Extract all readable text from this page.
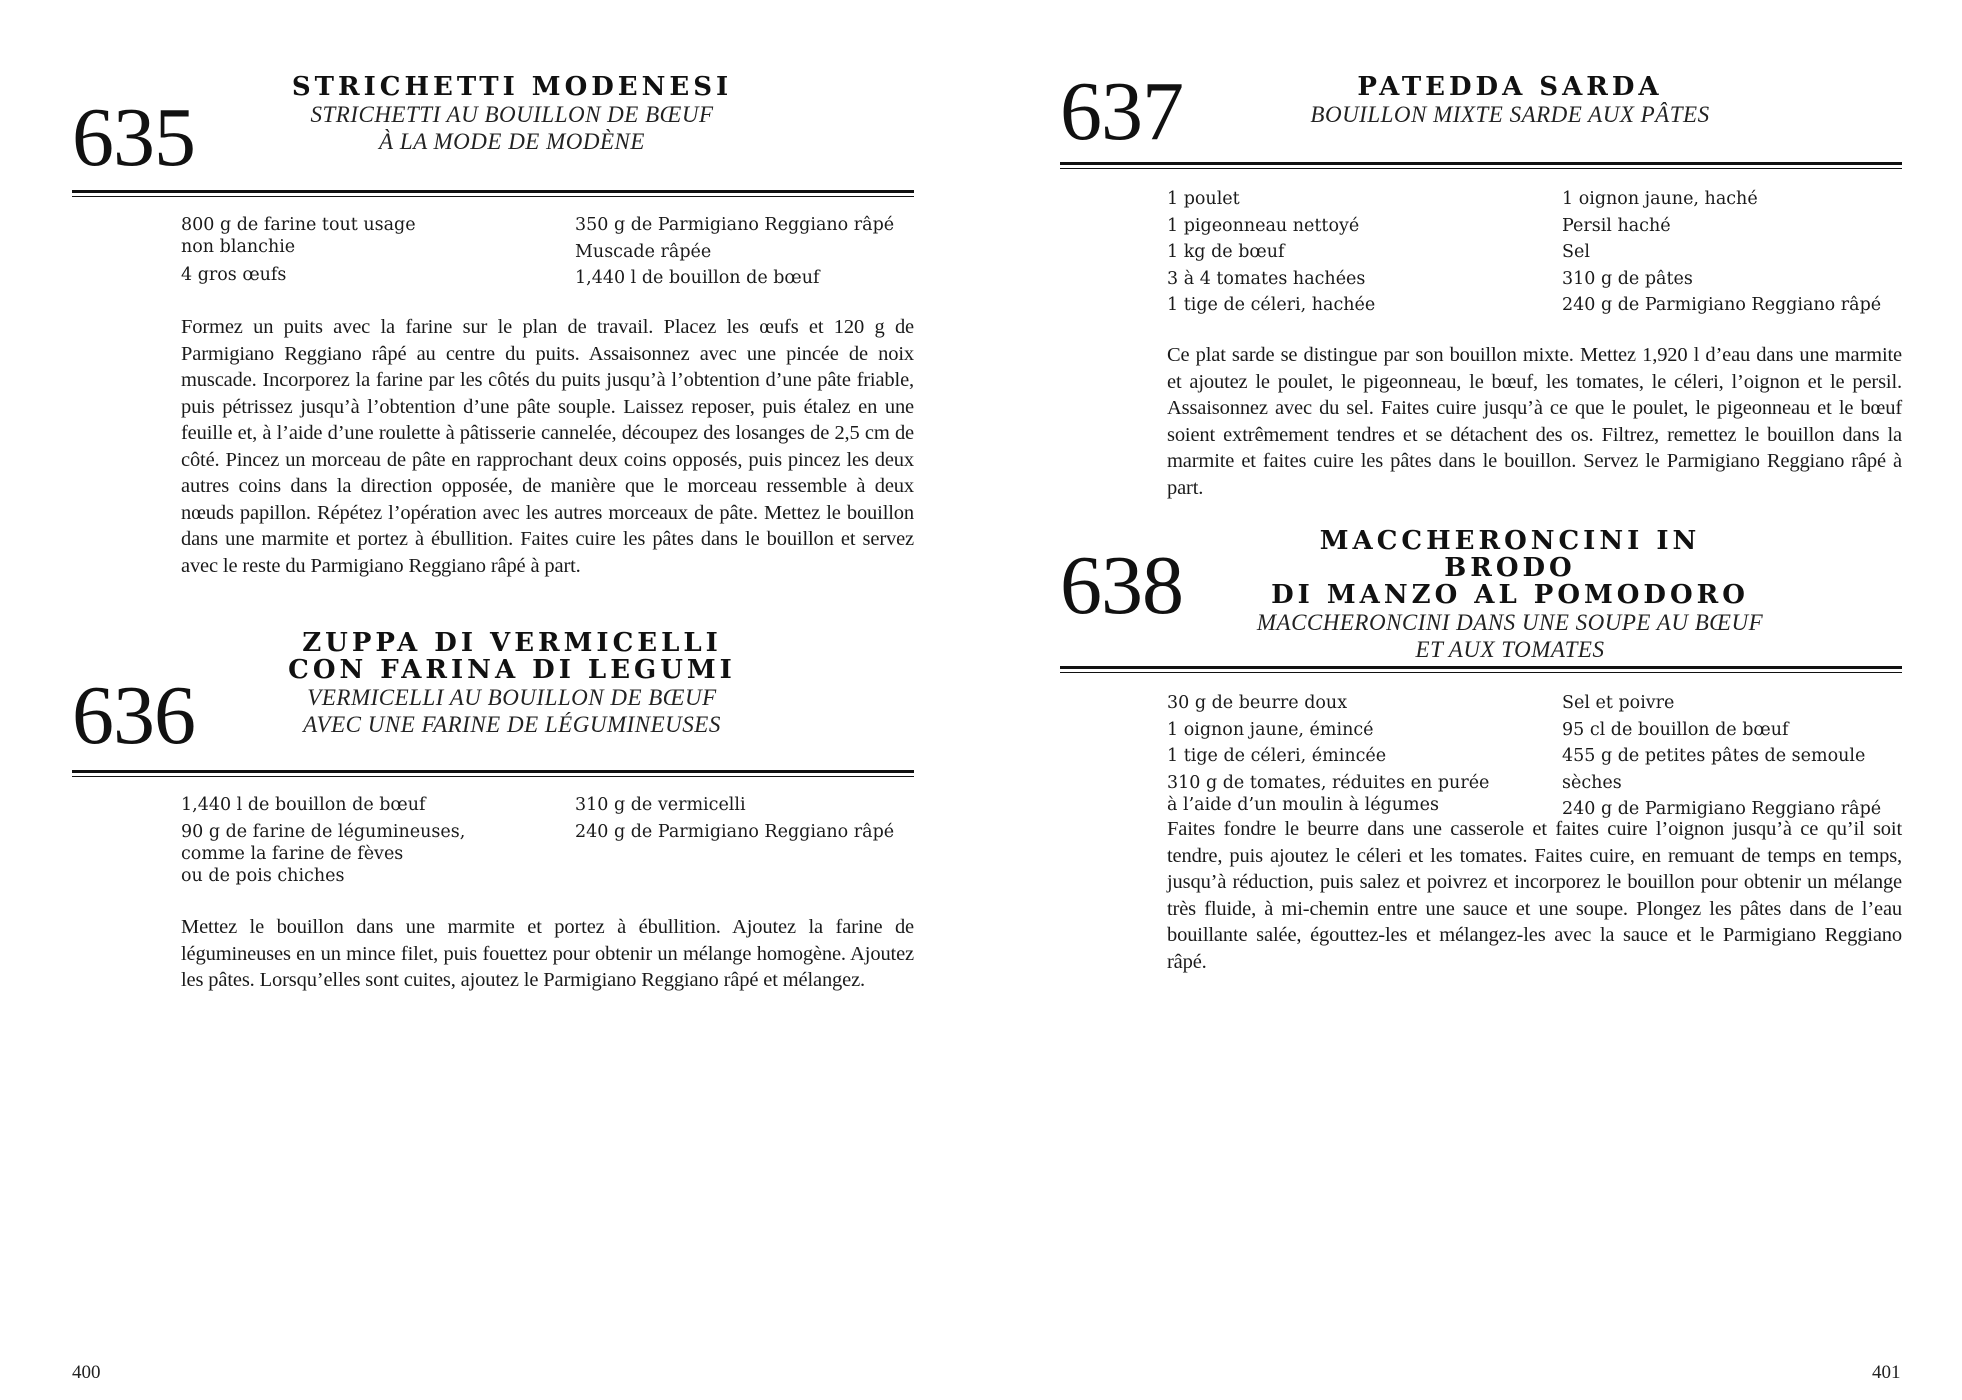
635
STRICHETTI MODENESI
STRICHETTI AU BOUILLON DE BŒUF
À LA MODE DE MODÈNE
800 g de farine tout usage
non blanchie
4 gros œufs
350 g de Parmigiano Reggiano râpé
Muscade râpée
1,440 l de bouillon de bœuf
Formez un puits avec la farine sur le plan de travail. Placez les œufs et 120 g de Parmigiano Reggiano râpé au centre du puits. Assaisonnez avec une pincée de noix muscade. Incorporez la farine par les côtés du puits jusqu’à l’obtention d’une pâte friable, puis pétrissez jusqu’à l’obtention d’une pâte souple. Laissez reposer, puis étalez en une feuille et, à l’aide d’une roulette à pâtisserie cannelée, découpez des losanges de 2,5 cm de côté. Pincez un morceau de pâte en rapprochant deux coins opposés, puis pincez les deux autres coins dans la direction opposée, de manière que le morceau ressemble à deux nœuds papillon. Répétez l’opération avec les autres morceaux de pâte. Mettez le bouillon dans une marmite et portez à ébullition. Faites cuire les pâtes dans le bouillon et servez avec le reste du Parmigiano Reggiano râpé à part.
636
ZUPPA DI VERMICELLI
CON FARINA DI LEGUMI
VERMICELLI AU BOUILLON DE BŒUF
AVEC UNE FARINE DE LÉGUMINEUSES
1,440 l de bouillon de bœuf
90 g de farine de légumineuses,
comme la farine de fèves
ou de pois chiches
310 g de vermicelli
240 g de Parmigiano Reggiano râpé
Mettez le bouillon dans une marmite et portez à ébullition. Ajoutez la farine de légumineuses en un mince filet, puis fouettez pour obtenir un mélange homogène. Ajoutez les pâtes. Lorsqu’elles sont cuites, ajoutez le Parmigiano Reggiano râpé et mélangez.
400
637	PATEDDA SARDA
BOUILLON MIXTE SARDE AUX PÂTES
1 poulet
1 pigeonneau nettoyé
1 kg de bœuf
3 à 4 tomates hachées
1 tige de céleri, hachée
1 oignon jaune, haché
Persil haché
Sel
310 g de pâtes
240 g de Parmigiano Reggiano râpé
Ce plat sarde se distingue par son bouillon mixte. Mettez 1,920 l d’eau dans une marmite et ajoutez le poulet, le pigeonneau, le bœuf, les tomates, le céleri, l’oignon et le persil. Assaisonnez avec du sel. Faites cuire jusqu’à ce que le poulet, le pigeonneau et le bœuf soient extrêmement tendres et se détachent des os. Filtrez, remettez le bouillon dans la marmite et faites cuire les pâtes dans le bouillon. Servez le Parmigiano Reggiano râpé à part.
638	MACCHERONCINI IN BRODO
DI MANZO AL POMODORO
MACCHERONCINI DANS UNE SOUPE AU BŒUF
ET AUX TOMATES
30 g de beurre doux
1 oignon jaune, émincé
1 tige de céleri, émincée
310 g de tomates, réduites en purée
à l’aide d’un moulin à légumes
Sel et poivre
95 cl de bouillon de bœuf
455 g de petites pâtes de semoule sèches
240 g de Parmigiano Reggiano râpé
Faites fondre le beurre dans une casserole et faites cuire l’oignon jusqu’à ce qu’il soit tendre, puis ajoutez le céleri et les tomates. Faites cuire, en remuant de temps en temps, jusqu’à réduction, puis salez et poivrez et incorporez le bouillon pour obtenir un mélange très fluide, à mi-chemin entre une sauce et une soupe. Plongez les pâtes dans de l’eau bouillante salée, égouttez-les et mélangez-les avec la sauce et le Parmigiano Reggiano râpé.
401
